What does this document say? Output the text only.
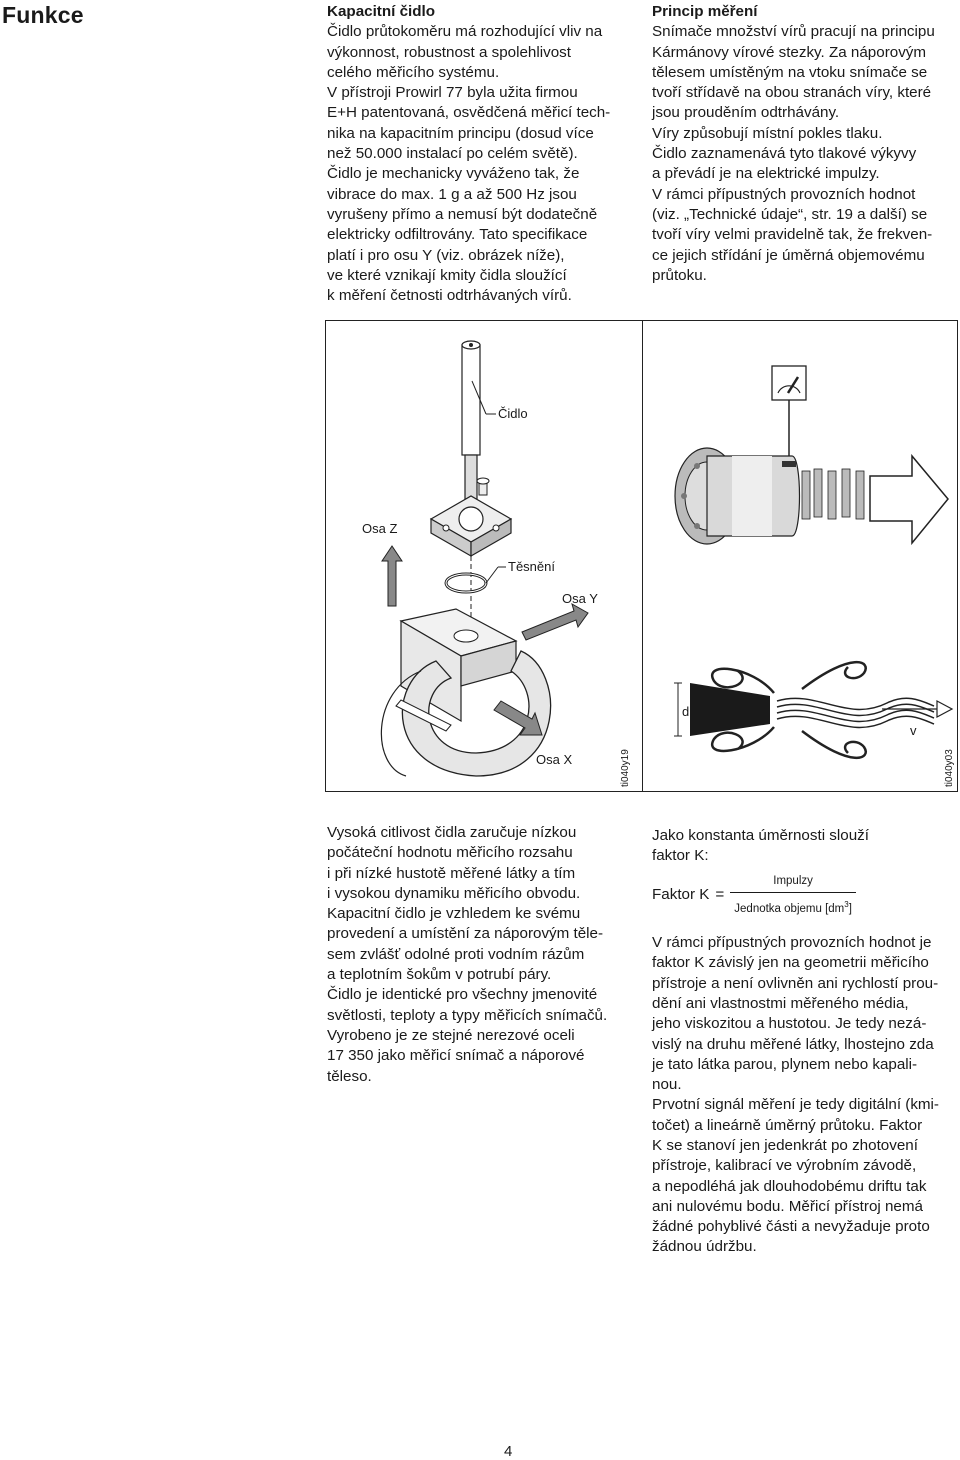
Funkce	Kapacitní čidlo
Čidlo průtokoměru má rozhodující vliv na
výkonnost, robustnost a spolehlivost
celého měřicího systému.
V přístroji Prowirl 77 byla užita firmou
E+H patentovaná, osvědčená měřicí tech-
nika na kapacitním principu (dosud více
než 50.000 instalací po celém světě).
Čidlo je mechanicky vyváženo tak, že
vibrace do max. 1 g a až 500 Hz jsou
vyrušeny přímo a nemusí být dodatečně
elektricky odfiltrovány. Tato specifikace
platí i pro osu Y (viz. obrázek níže),
ve které vznikají kmity čidla sloužící
k měření četnosti odtrhávaných vírů.
Princip měření
Snímače množství vírů pracují na principu
Kármánovy vírové stezky. Za náporovým
tělesem umístěným na vtoku snímače se
tvoří střídavě na obou stranách víry, které
jsou prouděním odtrhávány.
Víry způsobují místní pokles tlaku.
Čidlo zaznamenává tyto tlakové výkyvy
a převádí je na elektrické impulzy.
V rámci přípustných provozních hodnot
(viz. „Technické údaje“, str. 19 a další) se
tvoří víry velmi pravidelně tak, že frekven-
ce jejich střídání je úměrná objemovému
průtoku.
Čidlo
Osa Z
Těsnění
Osa Y
Osa X	ti040y19
d
v
ti040y03
Vysoká citlivost čidla zaručuje nízkou
počáteční hodnotu měřicího rozsahu
i při nízké hustotě měřené látky a tím
i vysokou dynamiku měřicího obvodu.
Kapacitní čidlo je vzhledem ke svému
provedení a umístění za náporovým těle-
sem zvlášť odolné proti vodním rázům
a teplotním šokům v potrubí páry.
Čidlo je identické pro všechny jmenovité
světlosti, teploty a typy měřicích snímačů.
Vyrobeno je ze stejné nerezové oceli
17 350 jako měřicí snímač a náporové
těleso.
Jako konstanta úměrnosti slouží
faktor K:
Faktor $K = \frac{\text{Impulzy}}{Jednotka objemu [dm^3]}$
V rámci přípustných provozních hodnot je
faktor K závislý jen na geometrii měřicího
přístroje a není ovlivněn ani rychlostí prou-
dění ani vlastnostmi měřeného média,
jeho viskozitou a hustotou. Je tedy nezá-
vislý na druhu měřené látky, lhostejno zda
je tato látka parou, plynem nebo kapali-
nou.
Prvotní signál měření je tedy digitální (kmi-
točet) a lineárně úměrný průtoku. Faktor
K se stanoví jen jedenkrát po zhotovení
přístroje, kalibrací ve výrobním závodě,
a nepodléhá jak dlouhodobému driftu tak
ani nulovému bodu. Měřicí přístroj nemá
žádné pohyblivé části a nevyžaduje proto
žádnou údržbu.
4
